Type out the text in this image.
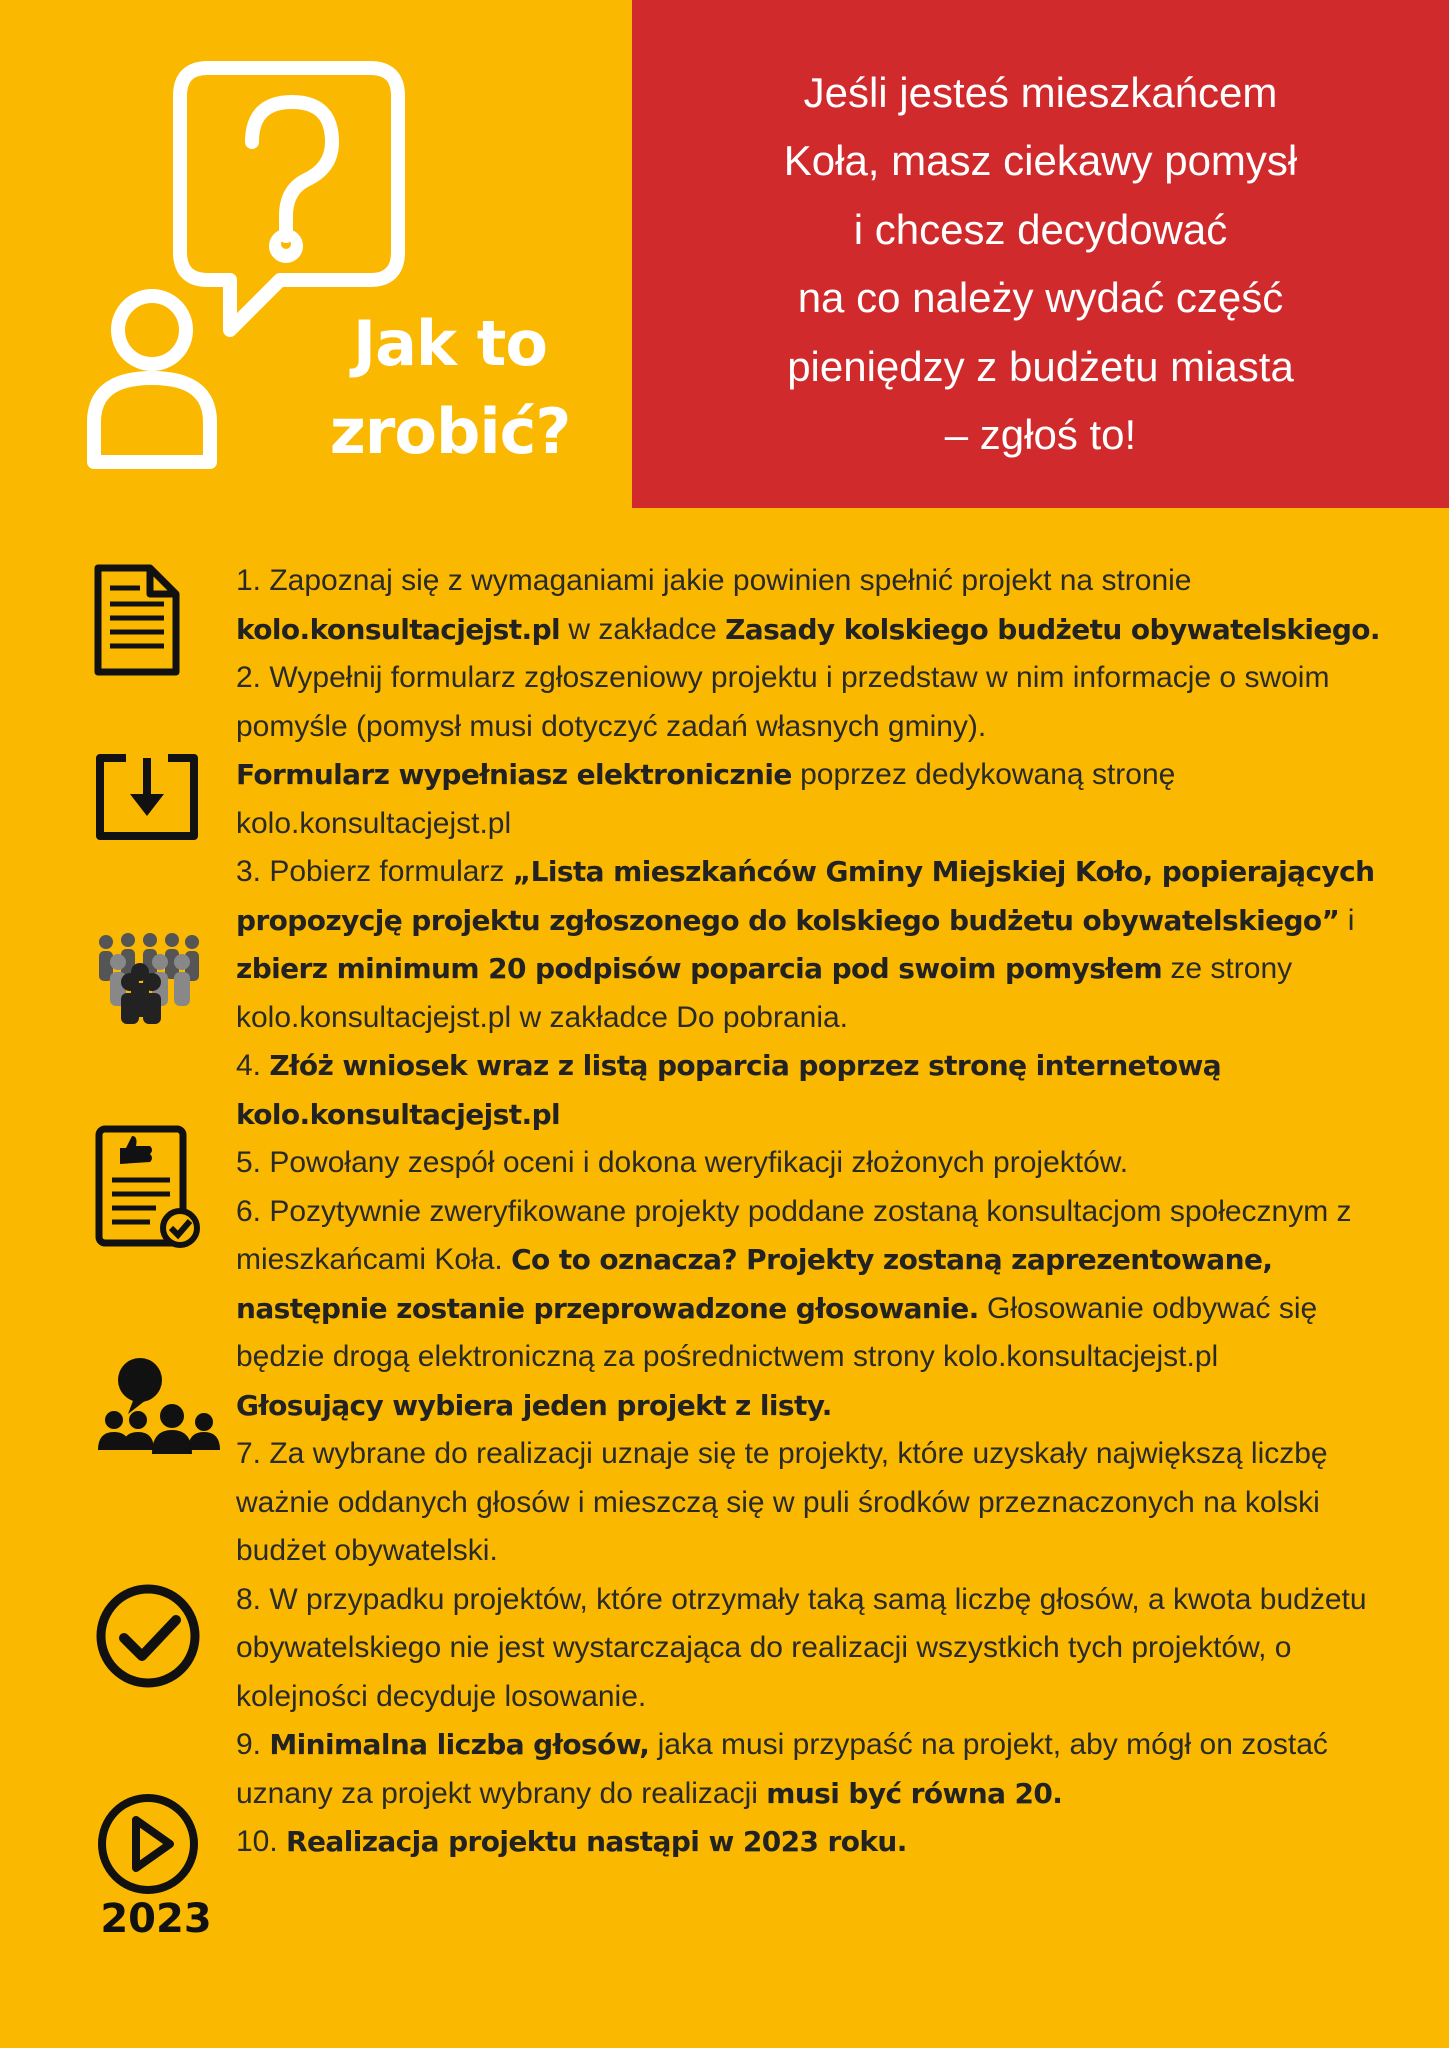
Jak to
zrobić?
Jeśli jesteś mieszkańcem
Koła, masz ciekawy pomysł
i chcesz decydować
na co należy wydać część
pieniędzy z budżetu miasta
– zgłoś to!
2023

1. Zapoznaj się z wymaganiami jakie powinien spełnić projekt na stronie
kolo.konsultacjejst.pl w zakładce Zasady kolskiego budżetu obywatelskiego.

2. Wypełnij formularz zgłoszeniowy projektu i przedstaw w nim informacje o swoim pomyśle (pomysł musi dotyczyć zadań własnych gminy).
Formularz wypełniasz elektronicznie poprzez dedykowaną stronę kolo.konsultacjejst.pl

3. Pobierz formularz „Lista mieszkańców Gminy Miejskiej Koło, popierających propozycję projektu zgłoszonego do kolskiego budżetu obywatelskiego” i zbierz minimum 20 podpisów poparcia pod swoim pomysłem ze strony kolo.konsultacjejst.pl w zakładce Do pobrania.

4. Złóż wniosek wraz z listą poparcia poprzez stronę internetową kolo.konsultacjejst.pl

5. Powołany zespół oceni i dokona weryfikacji złożonych projektów.

6. Pozytywnie zweryfikowane projekty poddane zostaną konsultacjom społecznym z mieszkańcami Koła. Co to oznacza? Projekty zostaną zaprezentowane, następnie zostanie przeprowadzone głosowanie. Głosowanie odbywać się będzie drogą elektroniczną za pośrednictwem strony kolo.konsultacjejst.pl
Głosujący wybiera jeden projekt z listy.

7. Za wybrane do realizacji uznaje się te projekty, które uzyskały największą liczbę ważnie oddanych głosów i mieszczą się w puli środków przeznaczonych na kolski budżet obywatelski.

8. W przypadku projektów, które otrzymały taką samą liczbę głosów, a kwota budżetu obywatelskiego nie jest wystarczająca do realizacji wszystkich tych projektów, o kolejności decyduje losowanie.

9. Minimalna liczba głosów, jaka musi przypaść na projekt, aby mógł on zostać uznany za projekt wybrany do realizacji musi być równa 20.

10. Realizacja projektu nastąpi w 2023 roku.
